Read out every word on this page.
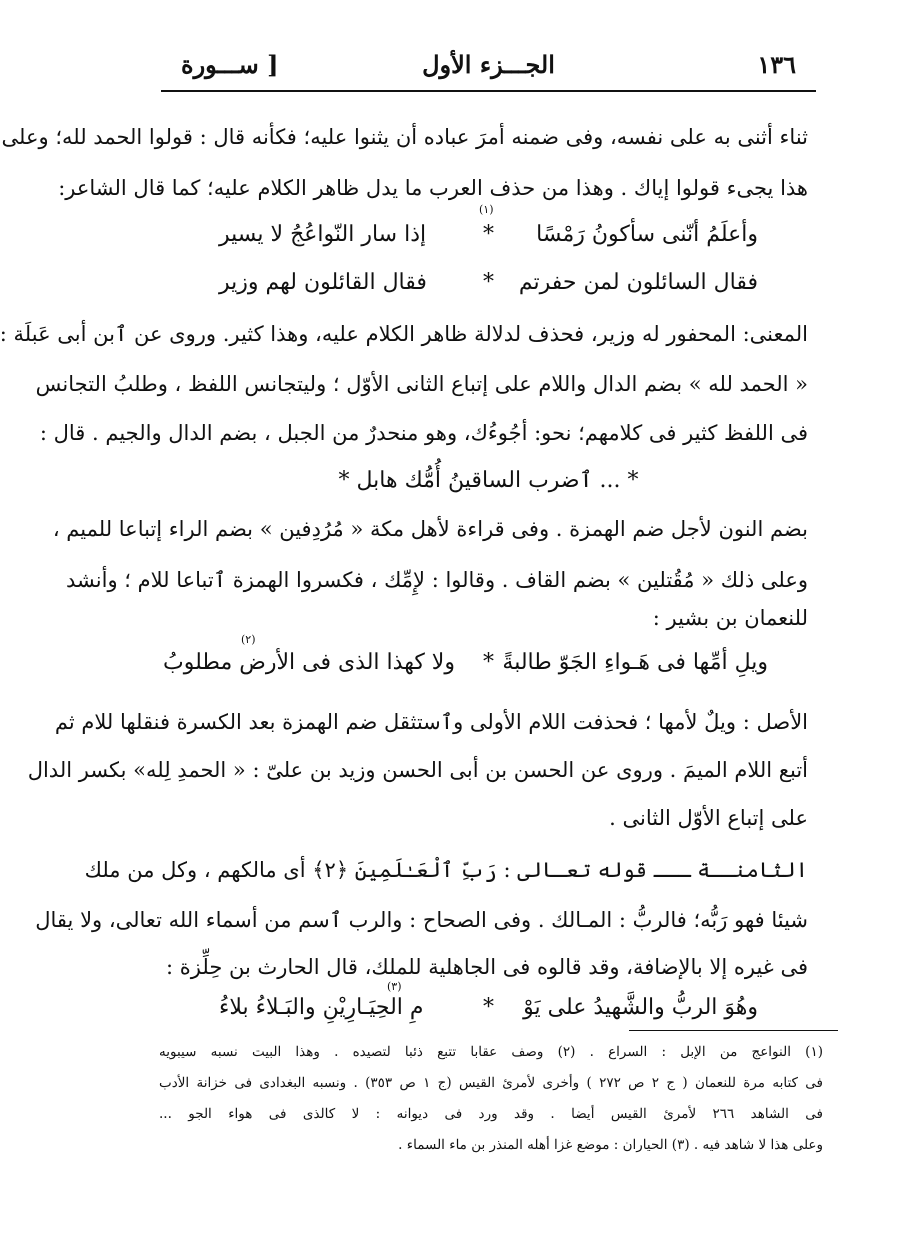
١٣٦
الجـــزء الأول
[ ســـورة
ثناء أثنى به على نفسه، وفى ضمنه أمرَ عباده أن يثنوا عليه؛ فكأنه قال : قولوا الحمد لله؛ وعلى
هذا يجىء قولوا إياك . وهذا من حذف العرب ما يدل ظاهر الكلام عليه؛ كما قال الشاعر:
وأعلَمُ أنّنى سأكونُ رَمْسًا*إذا سار النّواعُجُ لا يسير
(١)
فقال السائلون لمن حفرتم*فقال القائلون لهم وزير
المعنى: المحفور له وزير، فحذف لدلالة ظاهر الكلام عليه، وهذا كثير. وروى عن ٱبن أبى عَبلَة :
« الحمد لله » بضم الدال واللام على إتباع الثانى الأوّل ؛ وليتجانس اللفظ ، وطلبُ التجانس
فى اللفظ كثير فى كلامهم؛ نحو: أجُوءُك، وهو منحدرٌ من الجبل ، بضم الدال والجيم . قال :
* ... ٱضرب الساقينُ أُمُّك هابل *
بضم النون لأجل ضم الهمزة . وفى قراءة لأهل مكة « مُرُدِفين » بضم الراء إتباعا للميم ،
وعلى ذلك « مُقُتلين » بضم القاف . وقالوا : لإِمِّك ، فكسروا الهمزة ٱتباعا للام ؛ وأنشد
للنعمان بن بشير :
ويلِ أمِّها فى هَـواءِ الجَوّ طالبةً*ولا كهذا الذى فى الأرض مطلوبُ
(٢)
الأصل : ويلٌ لأمها ؛ فحذفت اللام الأولى وٱستثقل ضم الهمزة بعد الكسرة فنقلها للام ثم
أتبع اللام الميمَ . وروى عن الحسن بن أبى الحسن وزيد بن علىّ : « الحمدِ لِله» بكسر الدال
على إتباع الأوّل الثانى .
الثامنــة ـــ قوله تعـالى : رَبِّ ٱلْعَـٰلَمِينَ ﴿٢﴾ أى مالكهم ، وكل من ملك
شيئا فهو رَبُّه؛ فالربُّ : المـالك . وفى الصحاح : والرب ٱسم من أسماء الله تعالى، ولا يقال
فى غيره إلا بالإضافة، وقد قالوه فى الجاهلية للملك، قال الحارث بن حِلِّزة :
وهُوَ الربُّ والشَّهيدُ على يَوْ*مِ الحِيَـارِيْنِ والبَـلاءُ بلاءُ
(٣)
(١) النواعج من الإبل : السراع . (٢) وصف عقابا تتبع ذئبا لتصيده . وهذا البيت نسبه سيبويه
فى كتابه مرة للنعمان ( ج ٢ ص ٢٧٢ ) وأخرى لأمرئ القيس (ج ١ ص ٣٥٣) . ونسبه البغدادى فى خزانة الأدب
فى الشاهد ٢٦٦ لأمرئ القيس أيضا . وقد ورد فى ديوانه : لا كالذى فى هواء الجو ...
وعلى هذا لا شاهد فيه . (٣) الحياران : موضع غزا أهله المنذر بن ماء السماء .
